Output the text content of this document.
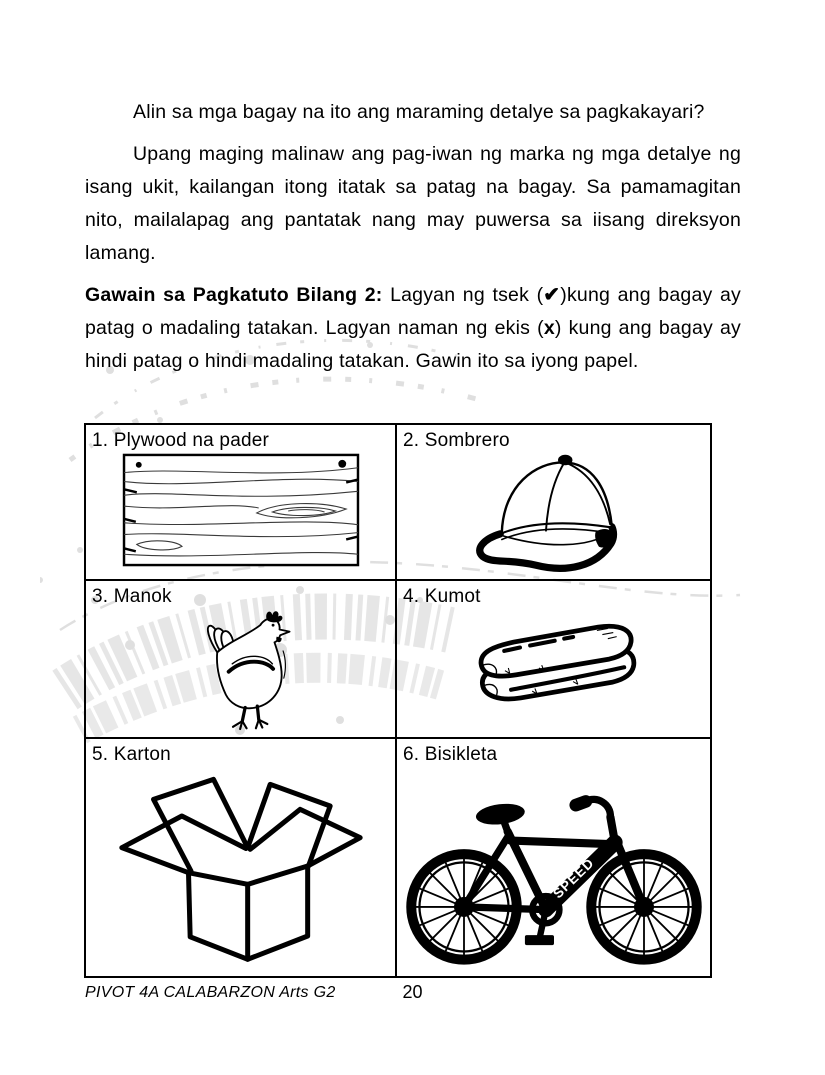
Alin sa mga bagay na ito ang maraming detalye sa pagkakayari?

Upang maging malinaw ang pag-iwan ng marka ng mga detalye ng isang ukit, kailangan itong itatak sa patag na bagay. Sa pamamagitan nito, mailalapag ang pantatak nang may puwersa sa iisang direksyon lamang.

Gawain sa Pagkatuto Bilang 2: Lagyan ng tsek (✔)kung ang bagay ay patag o madaling tatakan. Lagyan naman ng ekis (x) kung ang bagay ay hindi patag o hindi madaling tatakan. Gawin ito sa iyong papel.

1. Plywood na pader	2. Sombrero

3. Manok	4. Kumot

5. Karton	6. Bisikleta
SPEED
PIVOT 4A CALABARZON Arts G2	20
